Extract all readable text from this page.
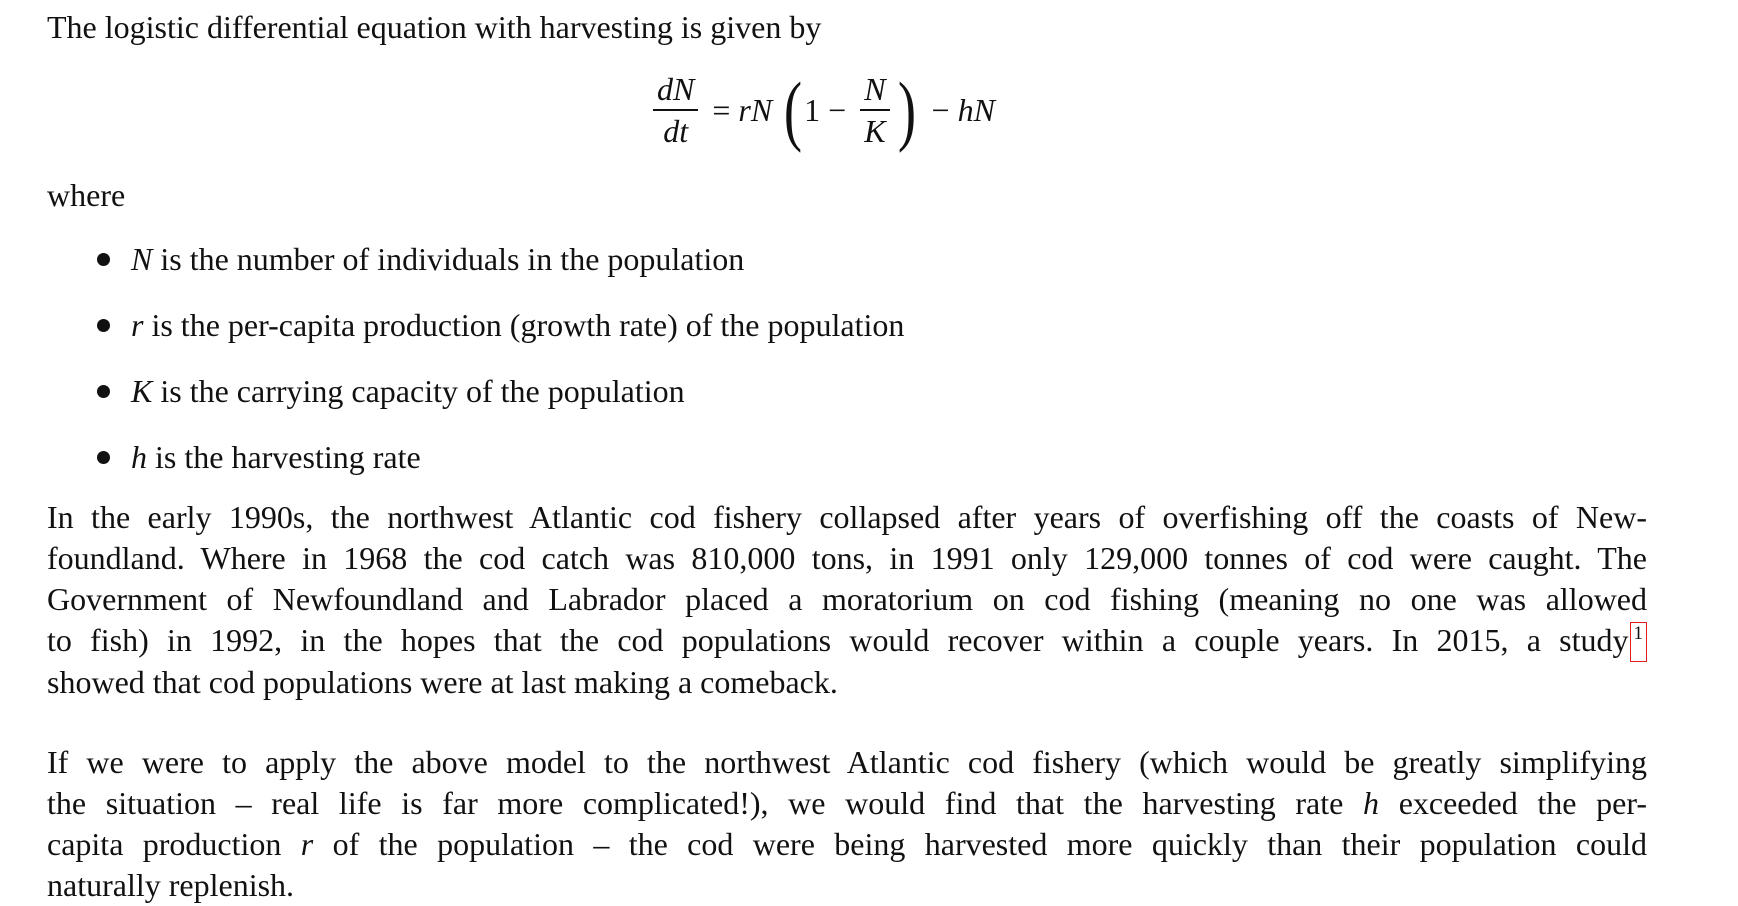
The logistic differential equation with harvesting is given by
$\frac{dN}{dt}$ = rN ( $1 - \frac{N}{K}$ ) − hN
where
N is the number of individuals in the population
r is the per-capita production (growth rate) of the population
K is the carrying capacity of the population
h is the harvesting rate
In the early 1990s, the northwest Atlantic cod fishery collapsed after years of overfishing off the coasts of New-
foundland. Where in 1968 the cod catch was 810,000 tons, in 1991 only 129,000 tonnes of cod were caught. The
Government of Newfoundland and Labrador placed a moratorium on cod fishing (meaning no one was allowed
to fish) in 1992, in the hopes that the cod populations would recover within a couple years. In 2015, a study 1
showed that cod populations were at last making a comeback.
If we were to apply the above model to the northwest Atlantic cod fishery (which would be greatly simplifying
the situation – real life is far more complicated!), we would find that the harvesting rate h exceeded the per-
capita production r of the population – the cod were being harvested more quickly than their population could
naturally replenish.
